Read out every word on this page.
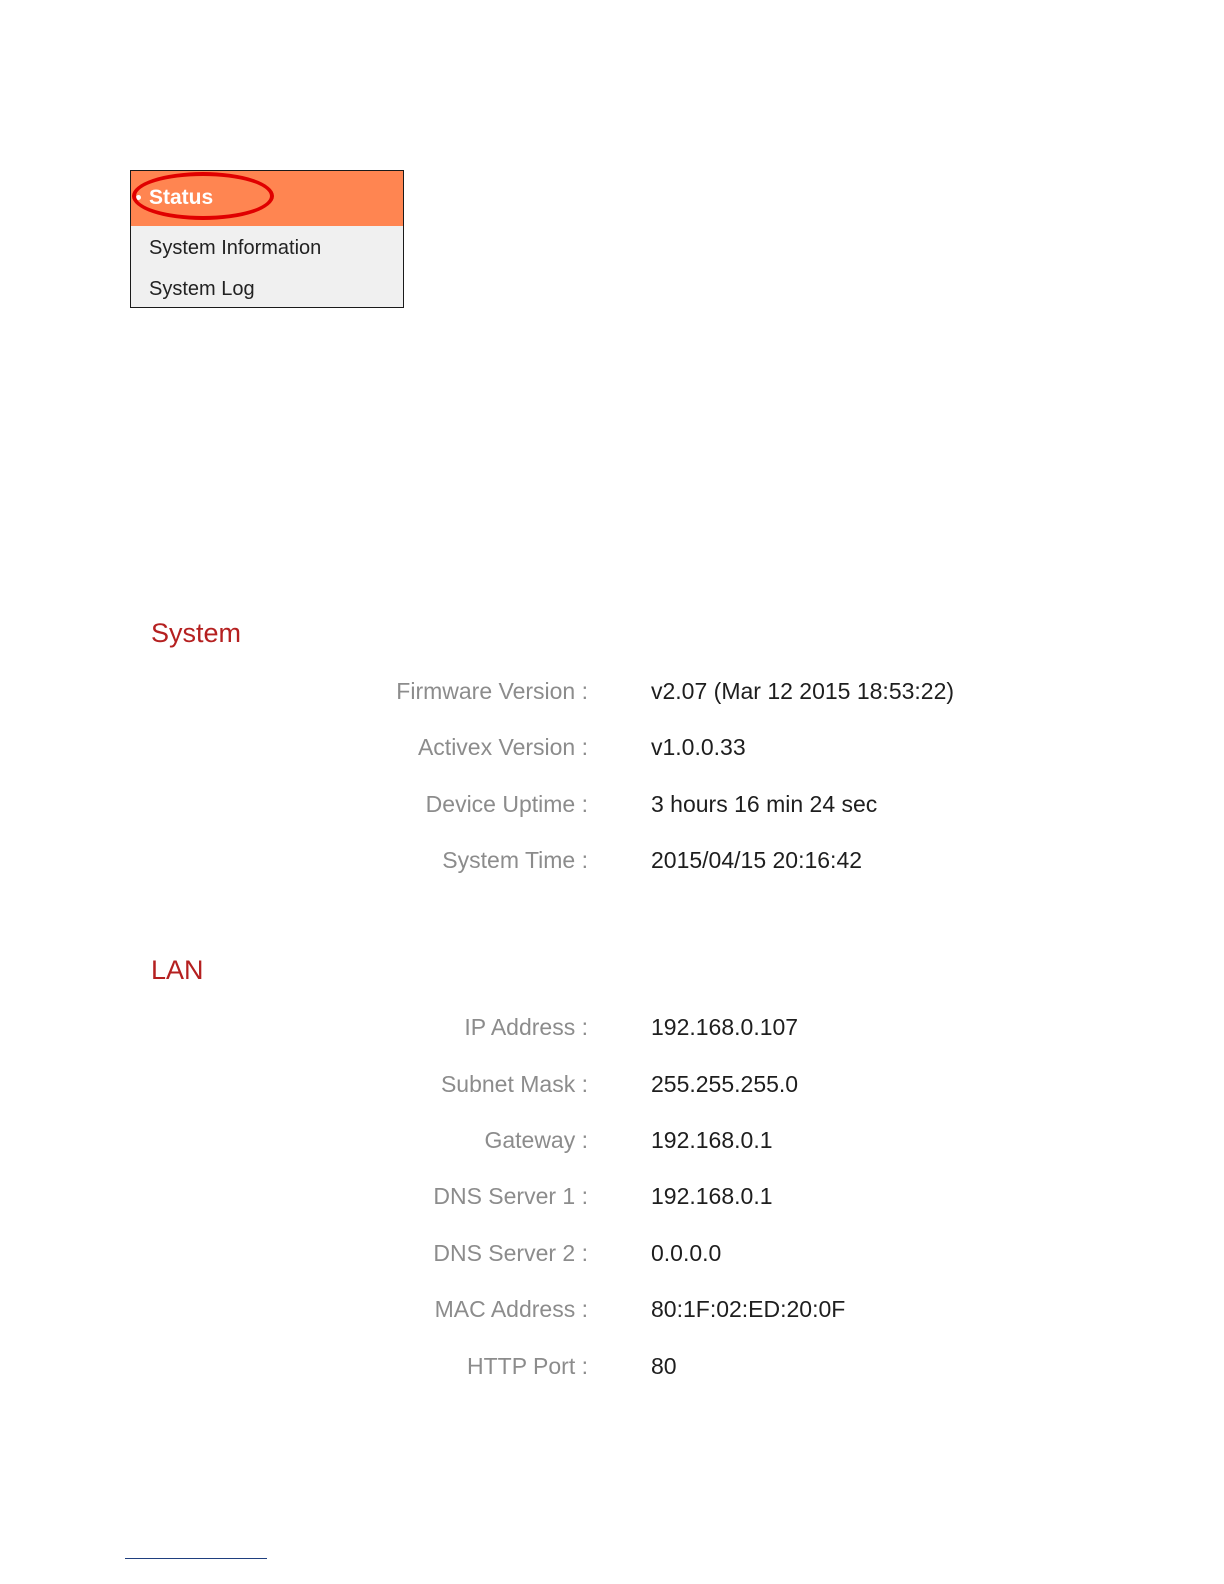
Status
System Information
System Log
System
Firmware Version :	v2.07 (Mar 12 2015 18:53:22)
Activex Version :	v1.0.0.33
Device Uptime :	3 hours 16 min 24 sec
System Time :	2015/04/15 20:16:42
LAN
IP Address :	192.168.0.107
Subnet Mask :	255.255.255.0
Gateway :	192.168.0.1
DNS Server 1 :	192.168.0.1
DNS Server 2 :	0.0.0.0
MAC Address :	80:1F:02:ED:20:0F
HTTP Port :	80
